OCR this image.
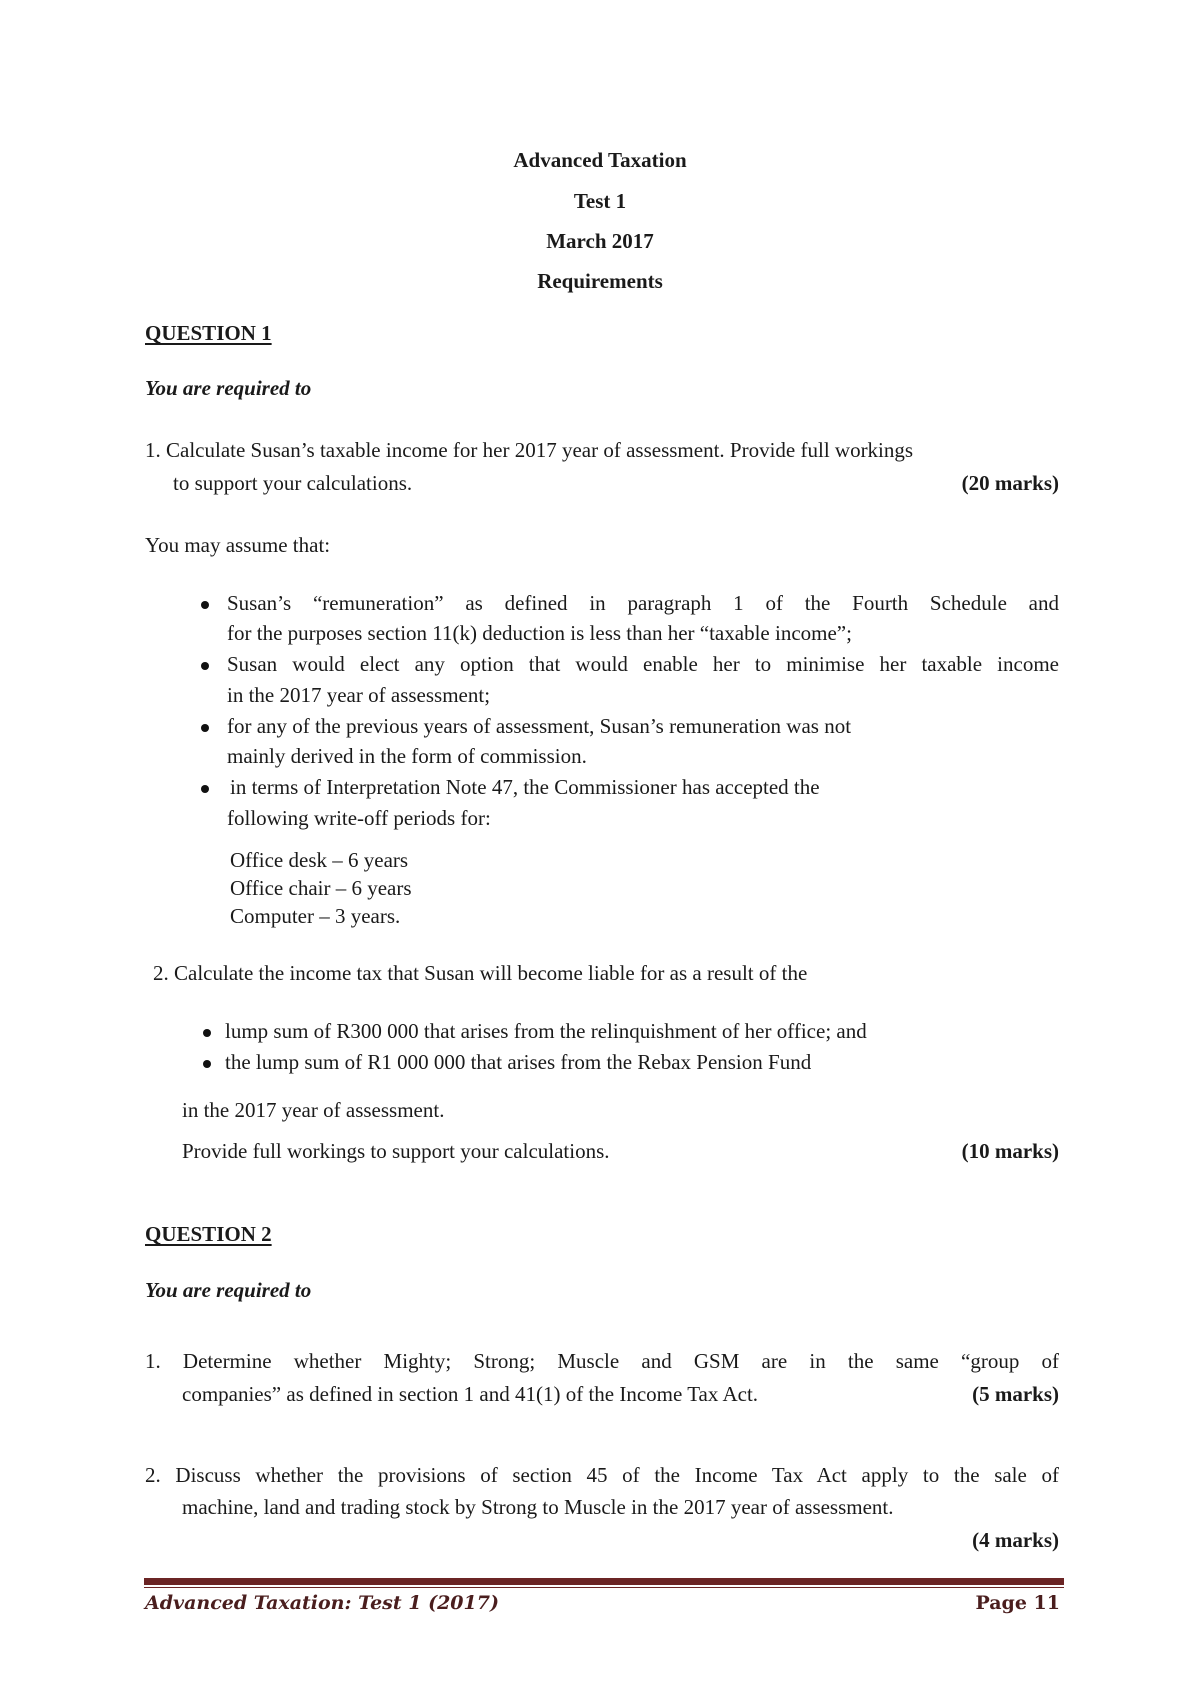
Advanced Taxation
Test 1
March 2017
Requirements
QUESTION 1
You are required to
1. Calculate Susan’s taxable income for her 2017 year of assessment. Provide full workings
to support your calculations.	(20 marks)
You may assume that:
Susan’s “remuneration” as defined in paragraph 1 of the Fourth Schedule and
for the purposes section 11(k) deduction is less than her “taxable income”;
Susan would elect any option that would enable her to minimise her taxable income
in the 2017 year of assessment;
for any of the previous years of assessment, Susan’s remuneration was not
mainly derived in the form of commission.
in terms of Interpretation Note 47, the Commissioner has accepted the
following write-off periods for:
Office desk – 6 years
Office chair – 6 years
Computer – 3 years.
2. Calculate the income tax that Susan will become liable for as a result of the
lump sum of R300 000 that arises from the relinquishment of her office; and
the lump sum of R1 000 000 that arises from the Rebax Pension Fund
in the 2017 year of assessment.
Provide full workings to support your calculations.	(10 marks)
QUESTION 2
You are required to
1. Determine whether Mighty; Strong; Muscle and GSM are in the same “group of
companies” as defined in section 1 and 41(1) of the Income Tax Act.	(5 marks)
2. Discuss whether the provisions of section 45 of the Income Tax Act apply to the sale of
machine, land and trading stock by Strong to Muscle in the 2017 year of assessment.
(4 marks)
Advanced Taxation: Test 1 (2017)	Page 11
